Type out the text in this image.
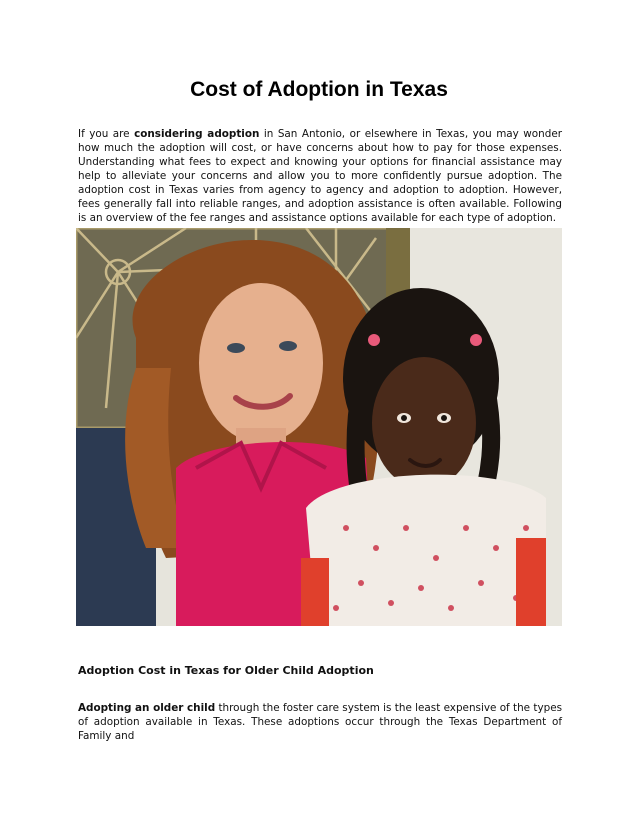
Cost of Adoption in Texas

If you are considering adoption in San Antonio, or elsewhere in Texas, you may wonder how much the adoption will cost, or have concerns about how to pay for those expenses. Understanding what fees to expect and knowing your options for financial assistance may help to alleviate your concerns and allow you to more confidently pursue adoption. The adoption cost in Texas varies from agency to agency and adoption to adoption. However, fees generally fall into reliable ranges, and adoption assistance is often available. Following is an overview of the fee ranges and assistance options available for each type of adoption.

Adoption Cost in Texas for Older Child Adoption

Adopting an older child through the foster care system is the least expensive of the types of adoption available in Texas. These adoptions occur through the Texas Department of Family and
